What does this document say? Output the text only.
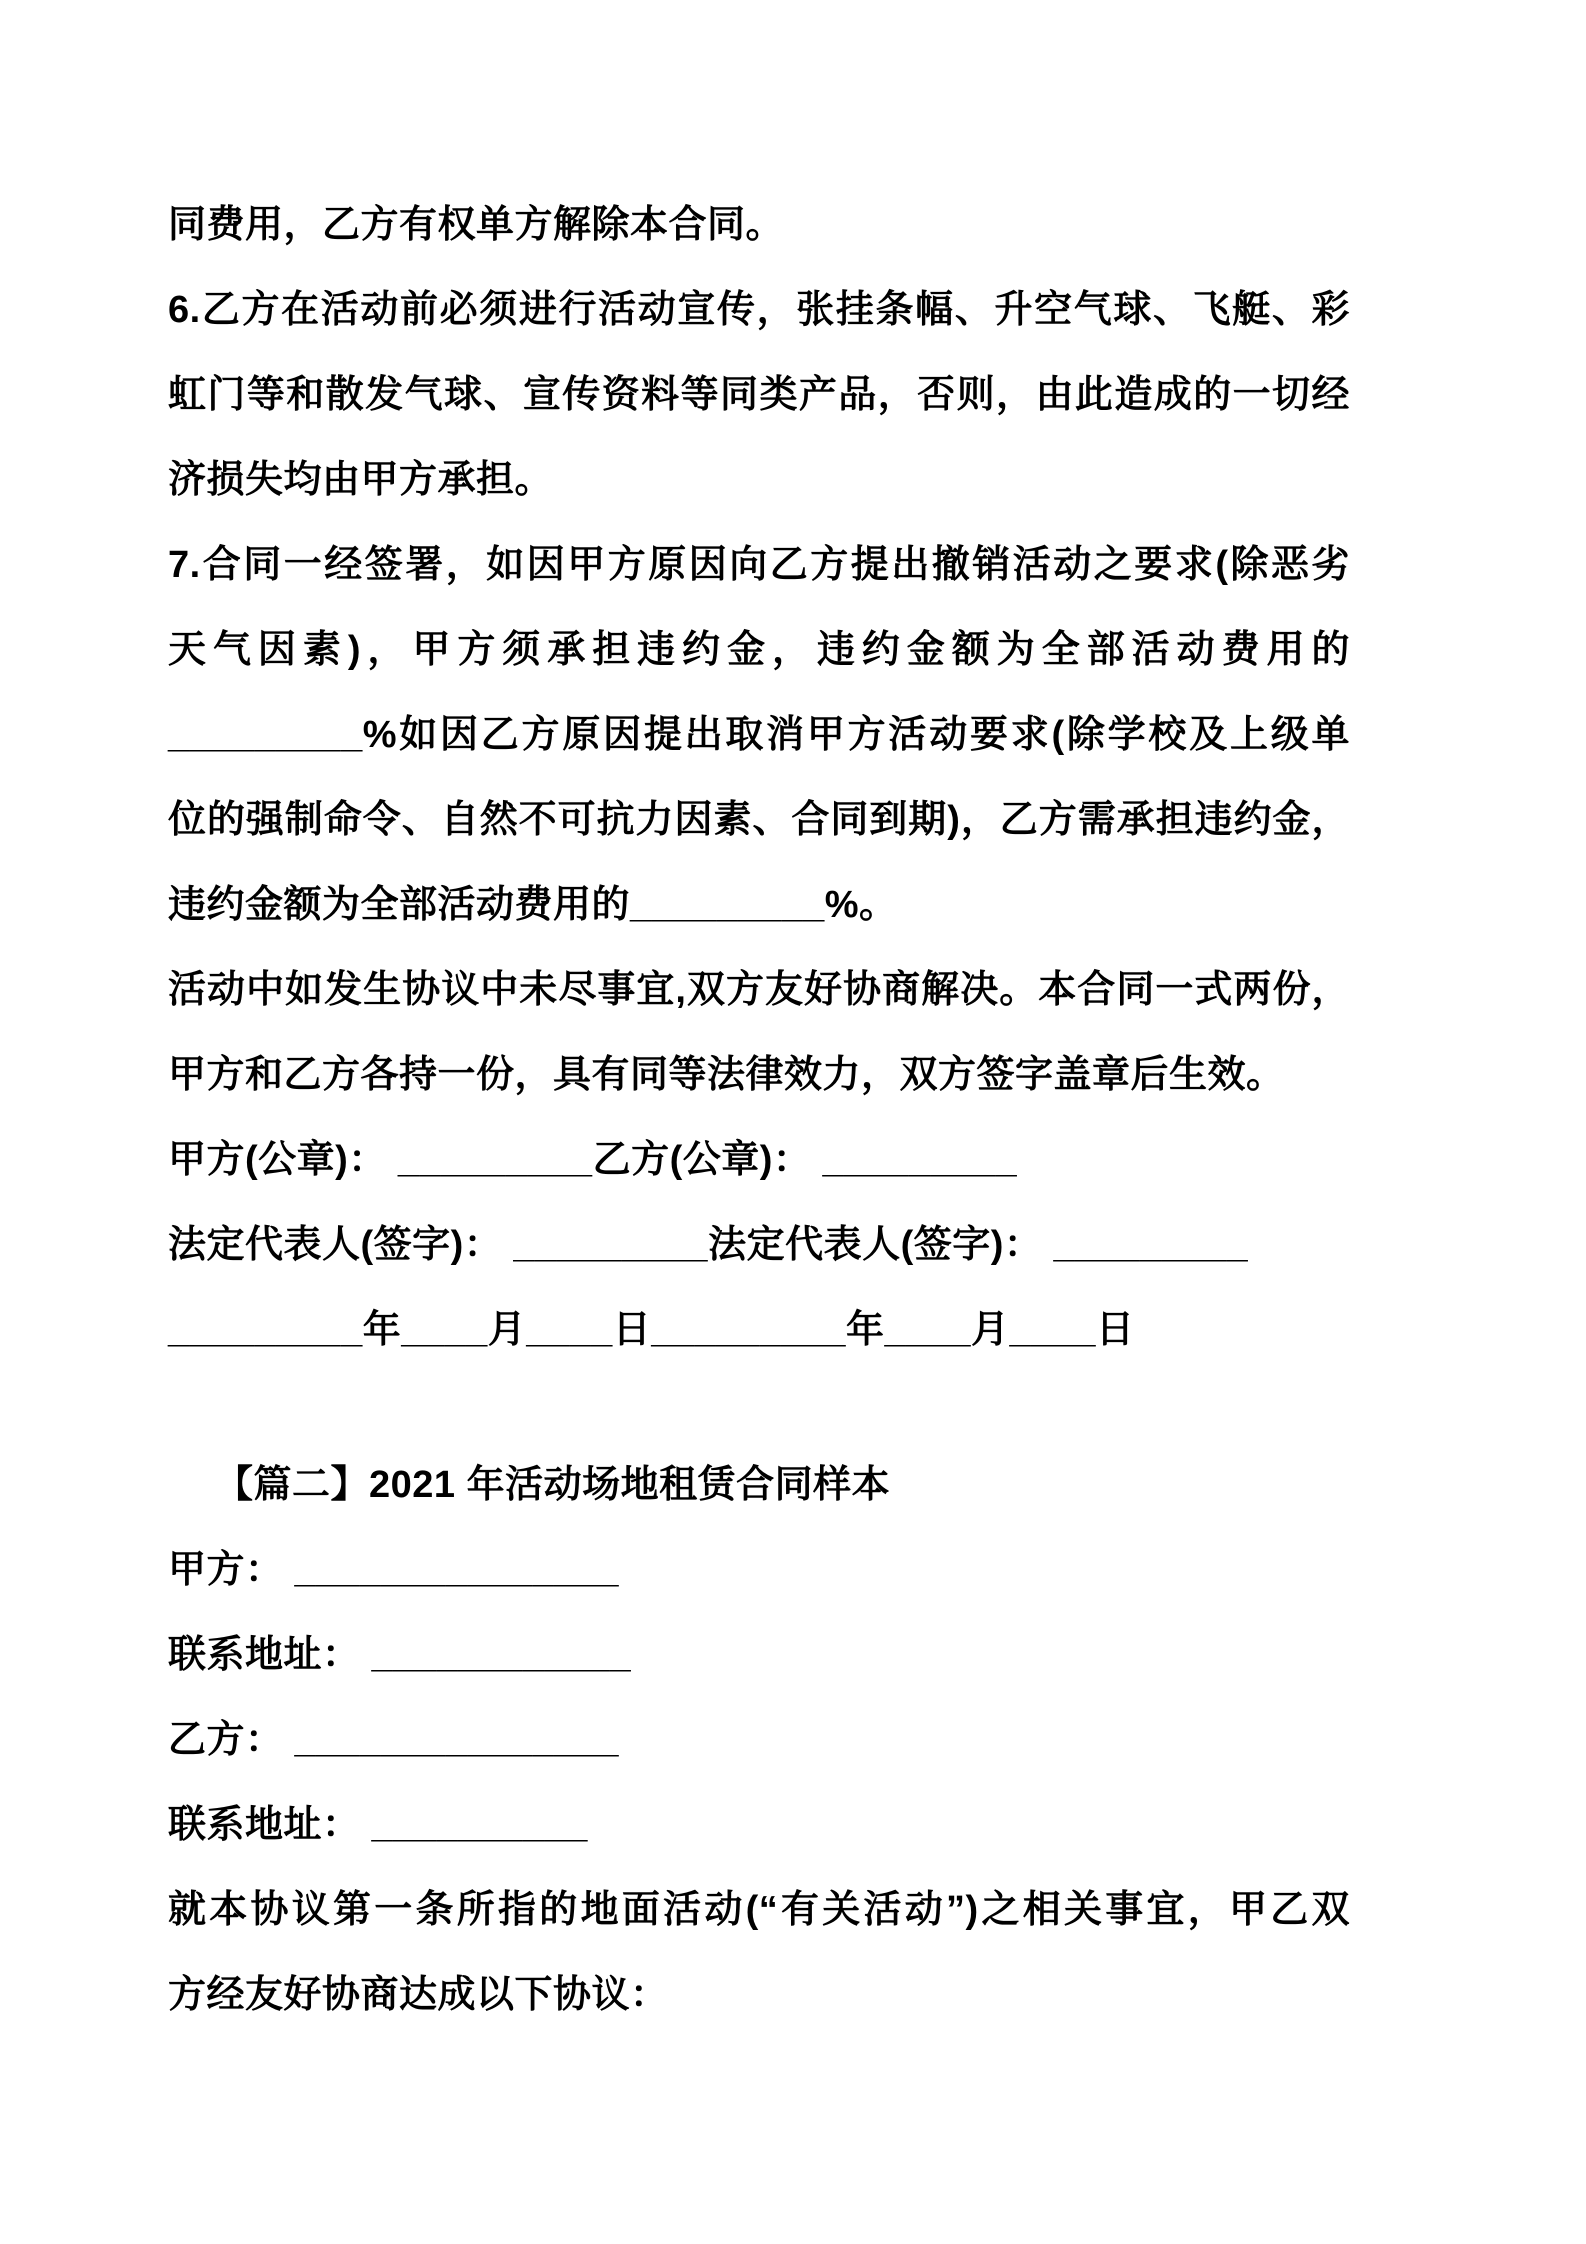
同费用，乙方有权单方解除本合同。
6.乙方在活动前必须进行活动宣传，张挂条幅、升空气球、飞艇、彩
虹门等和散发气球、宣传资料等同类产品，否则，由此造成的一切经
济损失均由甲方承担。
7.合同一经签署，如因甲方原因向乙方提出撤销活动之要求(除恶劣
天气因素)，甲方须承担违约金，违约金额为全部活动费用的
_________%如因乙方原因提出取消甲方活动要求(除学校及上级单
位的强制命令、自然不可抗力因素、合同到期)，乙方需承担违约金，
违约金额为全部活动费用的_________%。
活动中如发生协议中未尽事宜,双方友好协商解决。本合同一式两份，
甲方和乙方各持一份，具有同等法律效力，双方签字盖章后生效。
甲方(公章)： _________乙方(公章)： _________
法定代表人(签字)： _________法定代表人(签字)： _________
_________年____月____日_________年____月____日
【篇二】2021 年活动场地租赁合同样本
甲方： _______________
联系地址： ____________
乙方： _______________
联系地址： __________
就本协议第一条所指的地面活动(“有关活动”)之相关事宜，甲乙双
方经友好协商达成以下协议：
